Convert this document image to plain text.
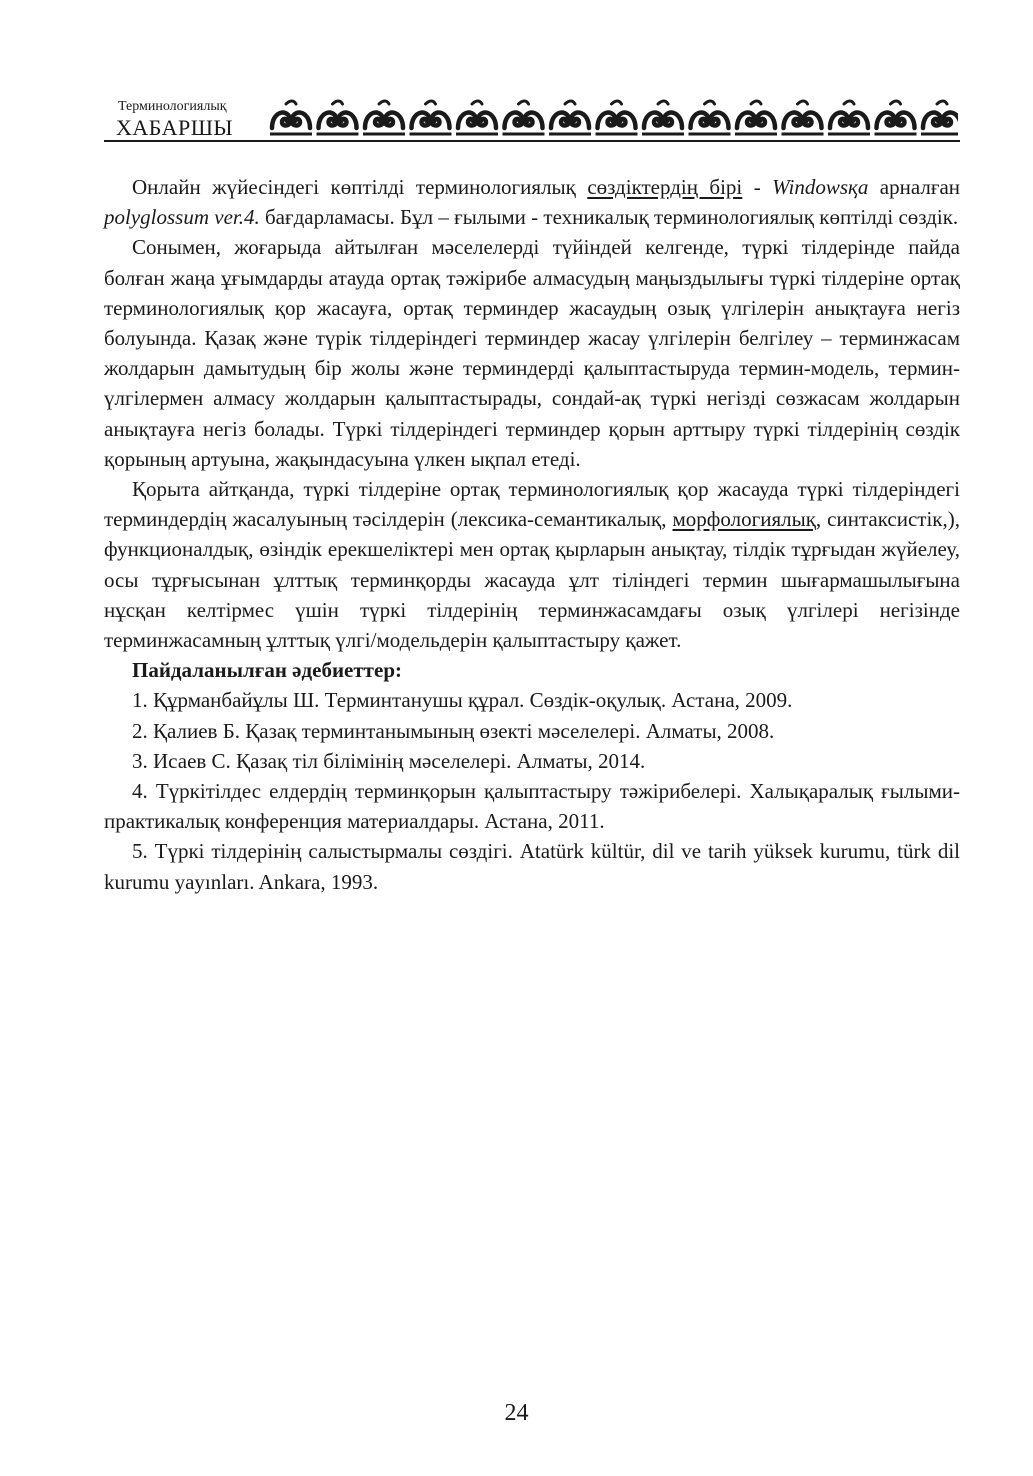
Терминологиялық
ХАБАРШЫ

Онлайн жүйесіндегі көптілді терминологиялық сөздіктердің бірі - Windowsқа арналған polyglossum ver.4. бағдарламасы. Бұл – ғылыми - техникалық терминологиялық көптілді сөздік.

Сонымен, жоғарыда айтылған мәселелерді түйіндей келгенде, түркі тілдерінде пайда болған жаңа ұғымдарды атауда ортақ тәжірибе алмасудың маңыздылығы түркі тілдеріне ортақ терминологиялық қор жасауға, ортақ терминдер жасаудың озық үлгілерін анықтауға негіз болуында. Қазақ және түрік тілдеріндегі терминдер жасау үлгілерін белгілеу – терминжасам жолдарын дамытудың бір жолы және терминдерді қалыптастыруда термин-модель, термин-үлгілермен алмасу жолдарын қалыптастырады, сондай-ақ түркі негізді сөзжасам жолдарын анықтауға негіз болады. Түркі тілдеріндегі терминдер қорын арттыру түркі тілдерінің сөздік қорының артуына, жақындасуына үлкен ықпал етеді.

Қорыта айтқанда, түркі тілдеріне ортақ терминологиялық қор жасауда түркі тілдеріндегі терминдердің жасалуының тәсілдерін (лексика-семантикалық, морфологиялық, синтаксистік,), функционалдық, өзіндік ерекшеліктері мен ортақ қырларын анықтау, тілдік тұрғыдан жүйелеу, осы тұрғысынан ұлттық терминқорды жасауда ұлт тіліндегі термин шығармашылығына нұсқан келтірмес үшін түркі тілдерінің терминжасамдағы озық үлгілері негізінде терминжасамның ұлттық үлгі/модельдерін қалыптастыру қажет.

Пайдаланылған әдебиеттер:

1. Құрманбайұлы Ш. Терминтанушы құрал. Сөздік-оқулық. Астана, 2009.

2. Қалиев Б. Қазақ терминтанымының өзекті мәселелері. Алматы, 2008.

3. Исаев С. Қазақ тіл білімінің мәселелері. Алматы, 2014.

4. Түркітілдес елдердің терминқорын қалыптастыру тәжірибелері. Халықаралық ғылыми-практикалық конференция материалдары. Астана, 2011.

5. Түркі тілдерінің салыстырмалы сөздігі. Atatürk kültür, dil ve tarih yüksek kurumu, türk dil kurumu yayınları. Ankara, 1993.

24
